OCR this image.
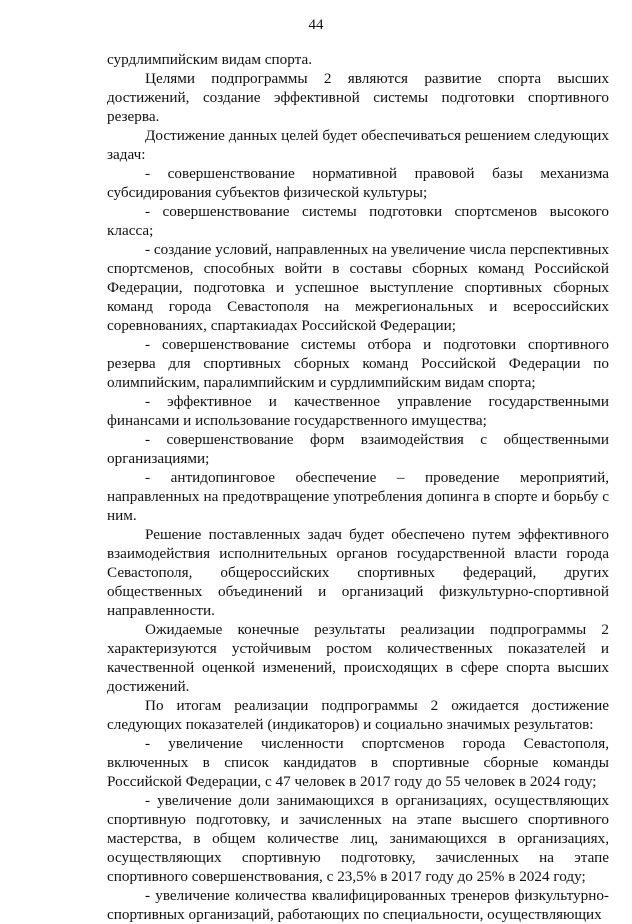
44

сурдлимпийским видам спорта.

Целями подпрограммы 2 являются развитие спорта высших достижений, создание эффективной системы подготовки спортивного резерва.

Достижение данных целей будет обеспечиваться решением следующих задач:

- совершенствование нормативной правовой базы механизма субсидирования субъектов физической культуры;

- совершенствование системы подготовки спортсменов высокого класса;

- создание условий, направленных на увеличение числа перспективных спортсменов, способных войти в составы сборных команд Российской Федерации, подготовка и успешное выступление спортивных сборных команд города Севастополя на межрегиональных и всероссийских соревнованиях, спартакиадах Российской Федерации;

- совершенствование системы отбора и подготовки спортивного резерва для спортивных сборных команд Российской Федерации по олимпийским, паралимпийским и сурдлимпийским видам спорта;

- эффективное и качественное управление государственными финансами и использование государственного имущества;

- совершенствование форм взаимодействия с общественными организациями;

- антидопинговое обеспечение – проведение мероприятий, направленных на предотвращение употребления допинга в спорте и борьбу с ним.

Решение поставленных задач будет обеспечено путем эффективного взаимодействия исполнительных органов государственной власти города Севастополя, общероссийских спортивных федераций, других общественных объединений и организаций физкультурно-спортивной направленности.

Ожидаемые конечные результаты реализации подпрограммы 2 характеризуются устойчивым ростом количественных показателей и качественной оценкой изменений, происходящих в сфере спорта высших достижений.

По итогам реализации подпрограммы 2 ожидается достижение следующих показателей (индикаторов) и социально значимых результатов:

- увеличение численности спортсменов города Севастополя, включенных в список кандидатов в спортивные сборные команды Российской Федерации, с 47 человек в 2017 году до 55 человек в 2024 году;

- увеличение доли занимающихся в организациях, осуществляющих спортивную подготовку, и зачисленных на этапе высшего спортивного мастерства, в общем количестве лиц, занимающихся в организациях, осуществляющих спортивную подготовку, зачисленных на этапе спортивного совершенствования, с 23,5% в 2017 году до 25% в 2024 году;

- увеличение количества квалифицированных тренеров физкультурно-спортивных организаций, работающих по специальности, осуществляющих
